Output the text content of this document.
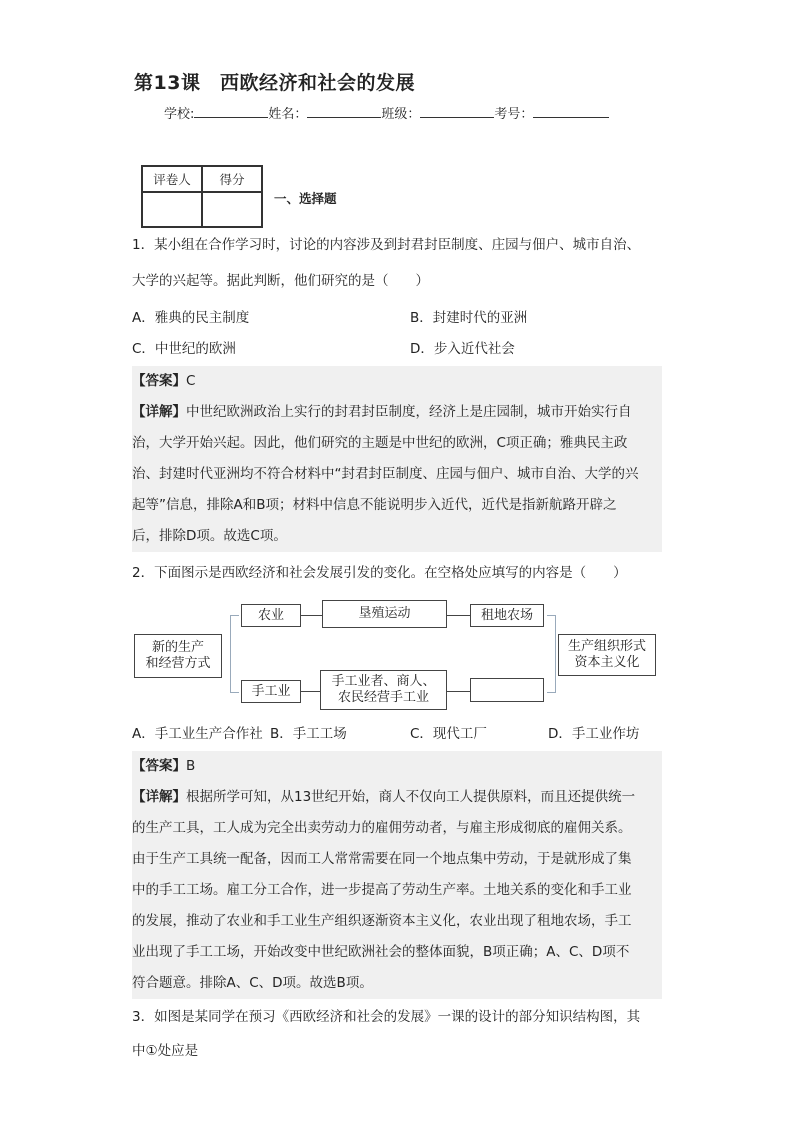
第13课　西欧经济和社会的发展
学校:	姓名：	班级：	考号：
评卷人	得分

一、选择题
1．某小组在合作学习时，讨论的内容涉及到封君封臣制度、庄园与佃户、城市自治、
大学的兴起等。据此判断，他们研究的是（　　）
A．雅典的民主制度	B．封建时代的亚洲
C．中世纪的欧洲	D．步入近代社会
【答案】C
【详解】中世纪欧洲政治上实行的封君封臣制度，经济上是庄园制，城市开始实行自
治，大学开始兴起。因此，他们研究的主题是中世纪的欧洲，C项正确；雅典民主政
治、封建时代亚洲均不符合材料中“封君封臣制度、庄园与佃户、城市自治、大学的兴
起等”信息，排除A和B项；材料中信息不能说明步入近代，近代是指新航路开辟之
后，排除D项。故选C项。
2．下面图示是西欧经济和社会发展引发的变化。在空格处应填写的内容是（　　）
新的生产
和经营方式
农业	垦殖运动	租地农场
手工业
手工业者、商人、
农民经营手工业
生产组织形式
资本主义化
A．手工业生产合作社 B．手工工场	C．现代工厂	D．手工业作坊
【答案】B
【详解】根据所学可知，从13世纪开始，商人不仅向工人提供原料，而且还提供统一
的生产工具，工人成为完全出卖劳动力的雇佣劳动者，与雇主形成彻底的雇佣关系。
由于生产工具统一配备，因而工人常常需要在同一个地点集中劳动，于是就形成了集
中的手工工场。雇工分工合作，进一步提高了劳动生产率。土地关系的变化和手工业
的发展，推动了农业和手工业生产组织逐渐资本主义化，农业出现了租地农场，手工
业出现了手工工场，开始改变中世纪欧洲社会的整体面貌，B项正确；A、C、D项不
符合题意。排除A、C、D项。故选B项。
3．如图是某同学在预习《西欧经济和社会的发展》一课的设计的部分知识结构图，其
中①处应是
